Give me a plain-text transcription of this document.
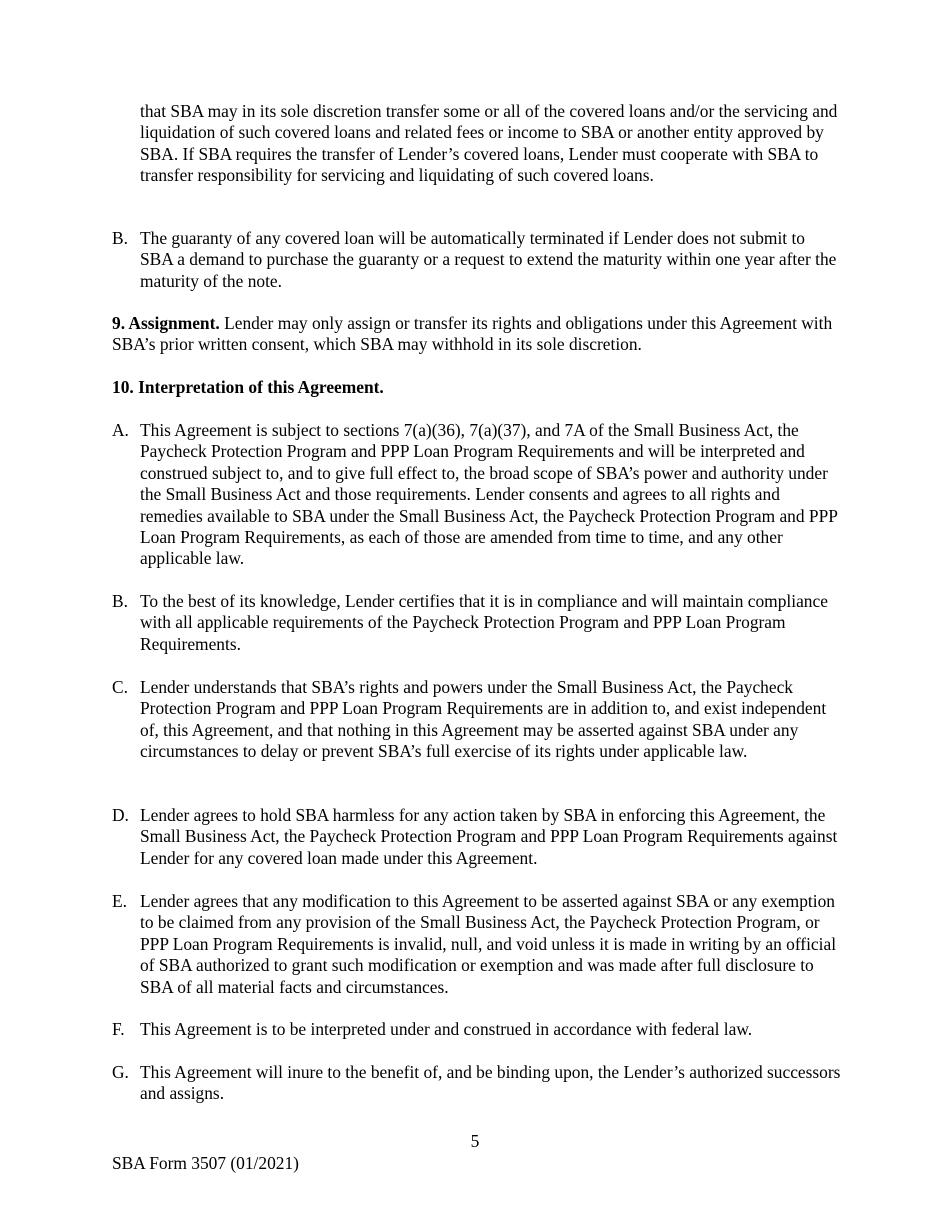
that SBA may in its sole discretion transfer some or all of the covered loans and/or the servicing and liquidation of such covered loans and related fees or income to SBA or another entity approved by SBA. If SBA requires the transfer of Lender’s covered loans, Lender must cooperate with SBA to transfer responsibility for servicing and liquidating of such covered loans.

B. The guaranty of any covered loan will be automatically terminated if Lender does not submit to SBA a demand to purchase the guaranty or a request to extend the maturity within one year after the maturity of the note.

9. Assignment. Lender may only assign or transfer its rights and obligations under this Agreement with SBA’s prior written consent, which SBA may withhold in its sole discretion.

10. Interpretation of this Agreement.

A. This Agreement is subject to sections 7(a)(36), 7(a)(37), and 7A of the Small Business Act, the Paycheck Protection Program and PPP Loan Program Requirements and will be interpreted and construed subject to, and to give full effect to, the broad scope of SBA’s power and authority under the Small Business Act and those requirements. Lender consents and agrees to all rights and remedies available to SBA under the Small Business Act, the Paycheck Protection Program and PPP Loan Program Requirements, as each of those are amended from time to time, and any other applicable law.

B. To the best of its knowledge, Lender certifies that it is in compliance and will maintain compliance with all applicable requirements of the Paycheck Protection Program and PPP Loan Program Requirements.

C. Lender understands that SBA’s rights and powers under the Small Business Act, the Paycheck Protection Program and PPP Loan Program Requirements are in addition to, and exist independent of, this Agreement, and that nothing in this Agreement may be asserted against SBA under any circumstances to delay or prevent SBA’s full exercise of its rights under applicable law.

D. Lender agrees to hold SBA harmless for any action taken by SBA in enforcing this Agreement, the Small Business Act, the Paycheck Protection Program and PPP Loan Program Requirements against Lender for any covered loan made under this Agreement.

E. Lender agrees that any modification to this Agreement to be asserted against SBA or any exemption to be claimed from any provision of the Small Business Act, the Paycheck Protection Program, or PPP Loan Program Requirements is invalid, null, and void unless it is made in writing by an official of SBA authorized to grant such modification or exemption and was made after full disclosure to SBA of all material facts and circumstances.

F. This Agreement is to be interpreted under and construed in accordance with federal law.

G. This Agreement will inure to the benefit of, and be binding upon, the Lender’s authorized successors and assigns.

5
SBA Form 3507 (01/2021)
